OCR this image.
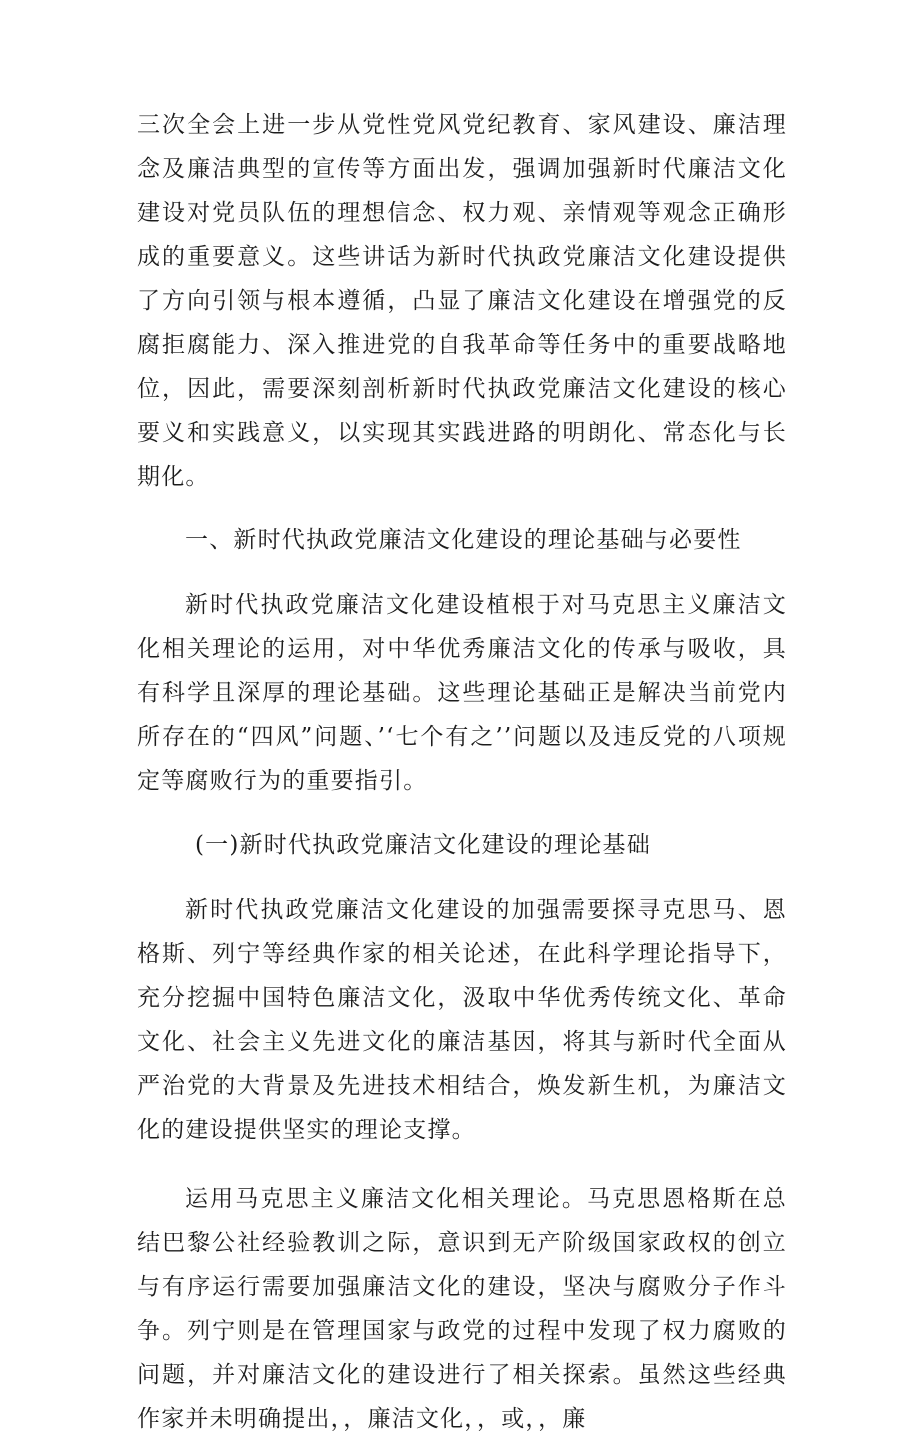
三次全会上进一步从党性党风党纪教育、家风建设、廉洁理念及廉洁典型的宣传等方面出发，强调加强新时代廉洁文化建设对党员队伍的理想信念、权力观、亲情观等观念正确形成的重要意义。这些讲话为新时代执政党廉洁文化建设提供了方向引领与根本遵循，凸显了廉洁文化建设在增强党的反腐拒腐能力、深入推进党的自我革命等任务中的重要战略地位，因此，需要深刻剖析新时代执政党廉洁文化建设的核心要义和实践意义，以实现其实践进路的明朗化、常态化与长期化。

一、新时代执政党廉洁文化建设的理论基础与必要性

新时代执政党廉洁文化建设植根于对马克思主义廉洁文化相关理论的运用，对中华优秀廉洁文化的传承与吸收，具有科学且深厚的理论基础。这些理论基础正是解决当前党内所存在的“四风”问题、’‘七个有之’’问题以及违反党的八项规定等腐败行为的重要指引。

(一)新时代执政党廉洁文化建设的理论基础

新时代执政党廉洁文化建设的加强需要探寻克思马、恩格斯、列宁等经典作家的相关论述，在此科学理论指导下，充分挖掘中国特色廉洁文化，汲取中华优秀传统文化、革命文化、社会主义先进文化的廉洁基因，将其与新时代全面从严治党的大背景及先进技术相结合，焕发新生机，为廉洁文化的建设提供坚实的理论支撑。

运用马克思主义廉洁文化相关理论。马克思恩格斯在总结巴黎公社经验教训之际，意识到无产阶级国家政权的创立与有序运行需要加强廉洁文化的建设，坚决与腐败分子作斗争。列宁则是在管理国家与政党的过程中发现了权力腐败的问题，并对廉洁文化的建设进行了相关探索。虽然这些经典作家并未明确提出，，廉洁文化，，或，，廉
